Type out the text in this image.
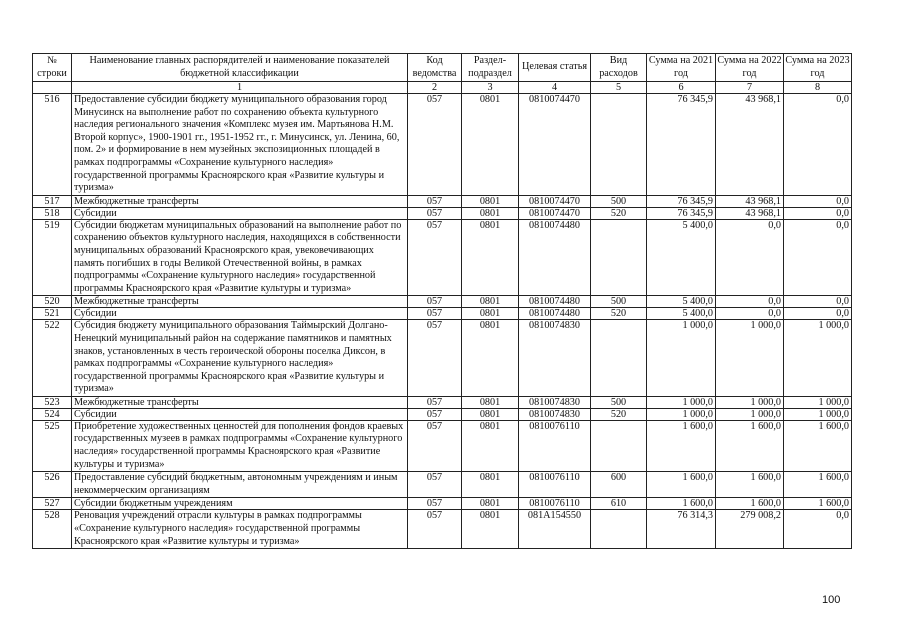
№ строки	Наименование главных распорядителей и наименование показателей бюджетной классификации	Код ведомства	Раздел-подраздел	Целевая статья	Вид расходов	Сумма на 2021 год	Сумма на 2022 год	Сумма на 2023 год
	1	2	3	4	5	6	7	8
516	Предоставление субсидии бюджету муниципального образования город Минусинск на выполнение работ по сохранению объекта культурного наследия регионального значения «Комплекс музея им. Мартьянова Н.М. Второй корпус», 1900-1901 гг., 1951-1952 гг., г. Минусинск, ул. Ленина, 60, пом. 2» и формирование в нем музейных экспозиционных площадей в рамках подпрограммы «Сохранение культурного наследия» государственной программы Красноярского края «Развитие культуры и туризма»	057	0801	0810074470		76 345,9	43 968,1	0,0
517	Межбюджетные трансферты	057	0801	0810074470	500	76 345,9	43 968,1	0,0
518	Субсидии	057	0801	0810074470	520	76 345,9	43 968,1	0,0
519	Субсидии бюджетам муниципальных образований на выполнение работ по сохранению объектов культурного наследия, находящихся в собственности муниципальных образований Красноярского края, увековечивающих память погибших в годы Великой Отечественной войны, в рамках подпрограммы «Сохранение культурного наследия» государственной программы Красноярского края «Развитие культуры и туризма»	057	0801	0810074480		5 400,0	0,0	0,0
520	Межбюджетные трансферты	057	0801	0810074480	500	5 400,0	0,0	0,0
521	Субсидии	057	0801	0810074480	520	5 400,0	0,0	0,0
522	Субсидия бюджету муниципального образования Таймырский Долгано-Ненецкий муниципальный район на содержание памятников и памятных знаков, установленных в честь героической обороны поселка Диксон, в рамках подпрограммы «Сохранение культурного наследия» государственной программы Красноярского края «Развитие культуры и туризма»	057	0801	0810074830		1 000,0	1 000,0	1 000,0
523	Межбюджетные трансферты	057	0801	0810074830	500	1 000,0	1 000,0	1 000,0
524	Субсидии	057	0801	0810074830	520	1 000,0	1 000,0	1 000,0
525	Приобретение художественных ценностей для пополнения фондов краевых государственных музеев в рамках подпрограммы «Сохранение культурного наследия» государственной программы Красноярского края «Развитие культуры и туризма»	057	0801	0810076110		1 600,0	1 600,0	1 600,0
526	Предоставление субсидий бюджетным, автономным учреждениям и иным некоммерческим организациям	057	0801	0810076110	600	1 600,0	1 600,0	1 600,0
527	Субсидии бюджетным учреждениям	057	0801	0810076110	610	1 600,0	1 600,0	1 600,0
528	Реновация учреждений отрасли культуры в рамках подпрограммы «Сохранение культурного наследия» государственной программы Красноярского края «Развитие культуры и туризма»	057	0801	081A154550		76 314,3	279 008,2	0,0
100
